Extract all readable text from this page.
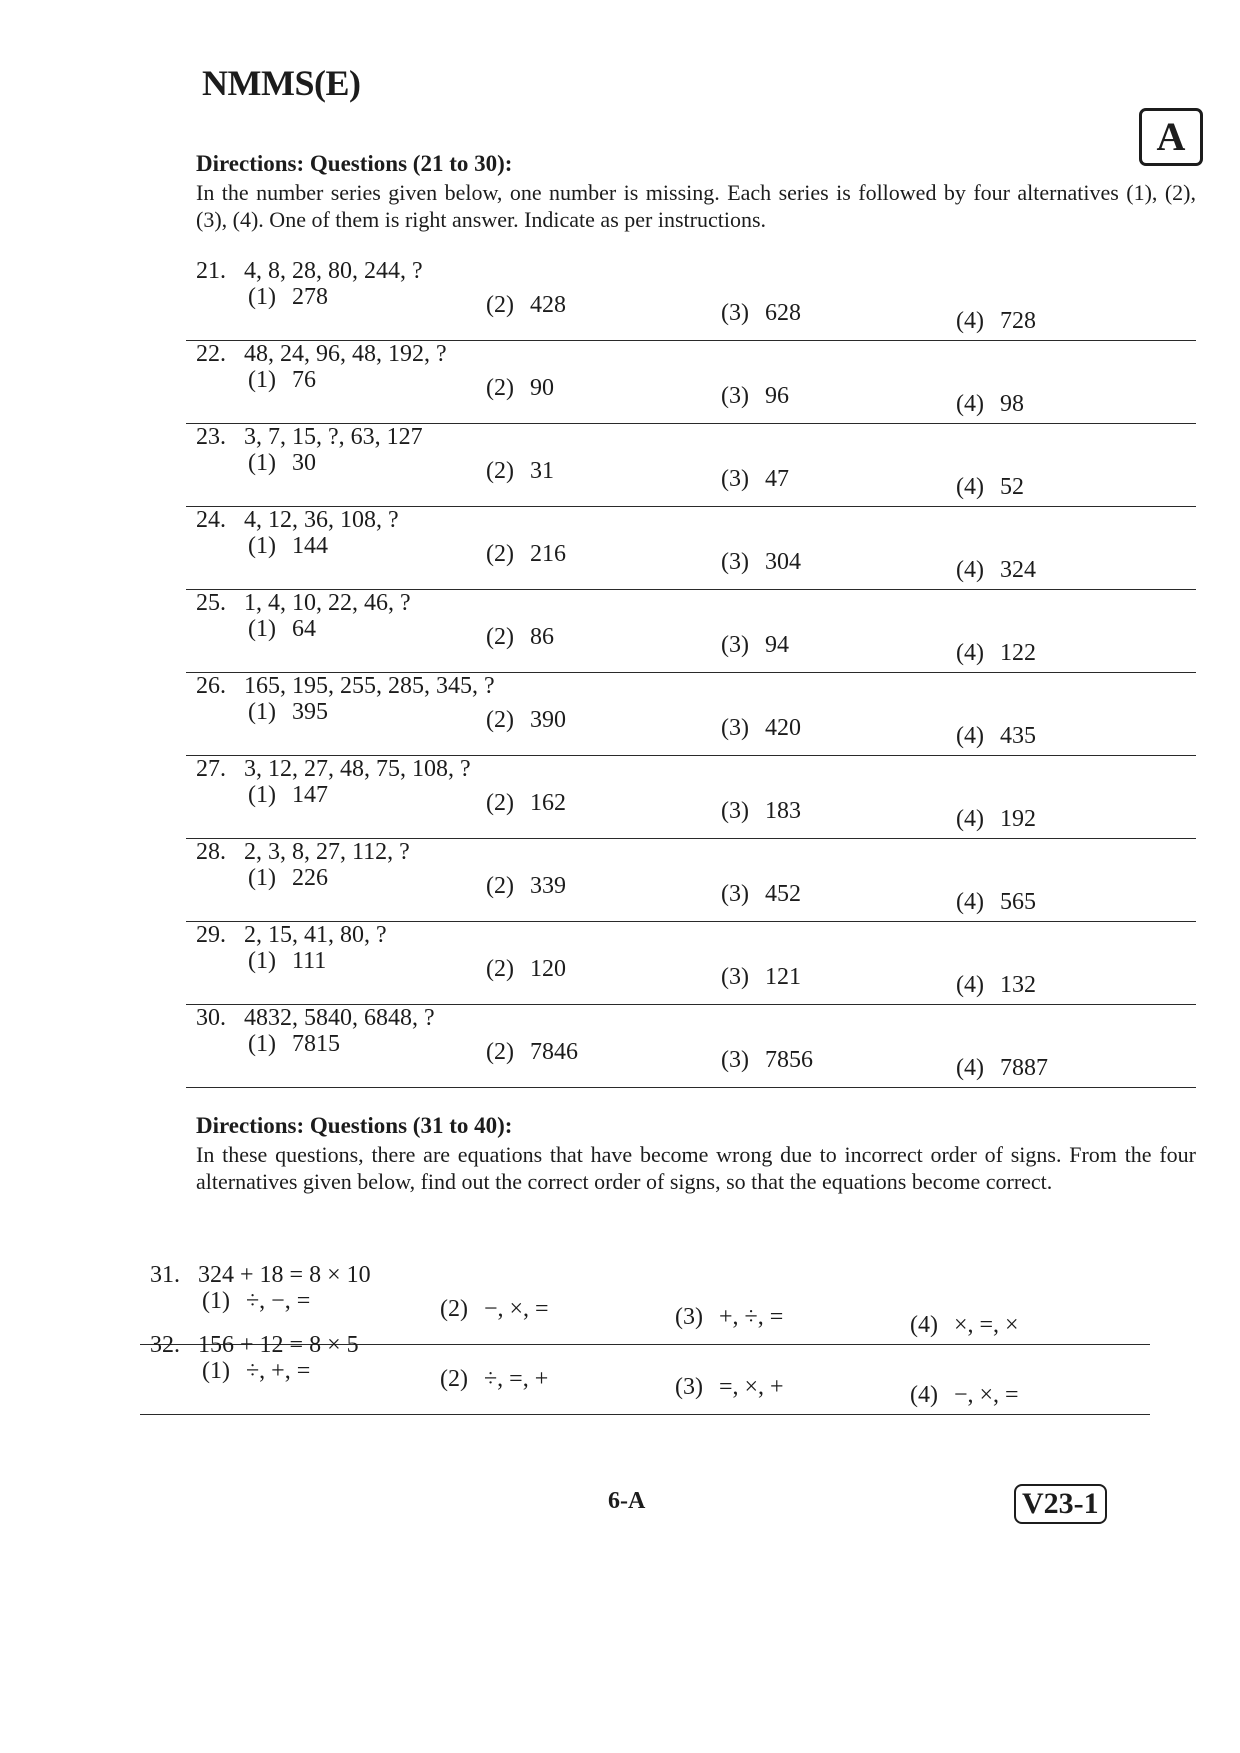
NMMS(E)
A
Directions: Questions (21 to 30):

In the number series given below, one number is missing. Each series is followed by four alternatives (1), (2), (3), (4). One of them is right answer. Indicate as per instructions.

21. 4, 8, 28, 80, 244, ?
(1) 278	(2) 428	(3) 628	(4) 728
22. 48, 24, 96, 48, 192, ?
(1) 76	(2) 90	(3) 96	(4) 98
23. 3, 7, 15, ?, 63, 127
(1) 30	(2) 31	(3) 47	(4) 52
24. 4, 12, 36, 108, ?
(1) 144	(2) 216	(3) 304	(4) 324
25. 1, 4, 10, 22, 46, ?
(1) 64	(2) 86	(3) 94	(4) 122
26. 165, 195, 255, 285, 345, ?
(1) 395	(2) 390	(3) 420	(4) 435
27. 3, 12, 27, 48, 75, 108, ?
(1) 147	(2) 162	(3) 183	(4) 192
28. 2, 3, 8, 27, 112, ?
(1) 226	(2) 339	(3) 452	(4) 565
29. 2, 15, 41, 80, ?
(1) 111	(2) 120	(3) 121	(4) 132
30. 4832, 5840, 6848, ?
(1) 7815	(2) 7846	(3) 7856	(4) 7887
31. 324 + 18 = 8 × 10
(1) ÷, −, =	(2) −, ×, =	(3) +, ÷, =	(4) ×, =, ×
32. 156 + 12 = 8 × 5
(1) ÷, +, =	(2) ÷, =, +	(3) =, ×, +	(4) −, ×, =
Directions: Questions (31 to 40):

In these questions, there are equations that have become wrong due to incorrect order of signs. From the four alternatives given below, find out the correct order of signs, so that the equations become correct.

6-A	V23-1
